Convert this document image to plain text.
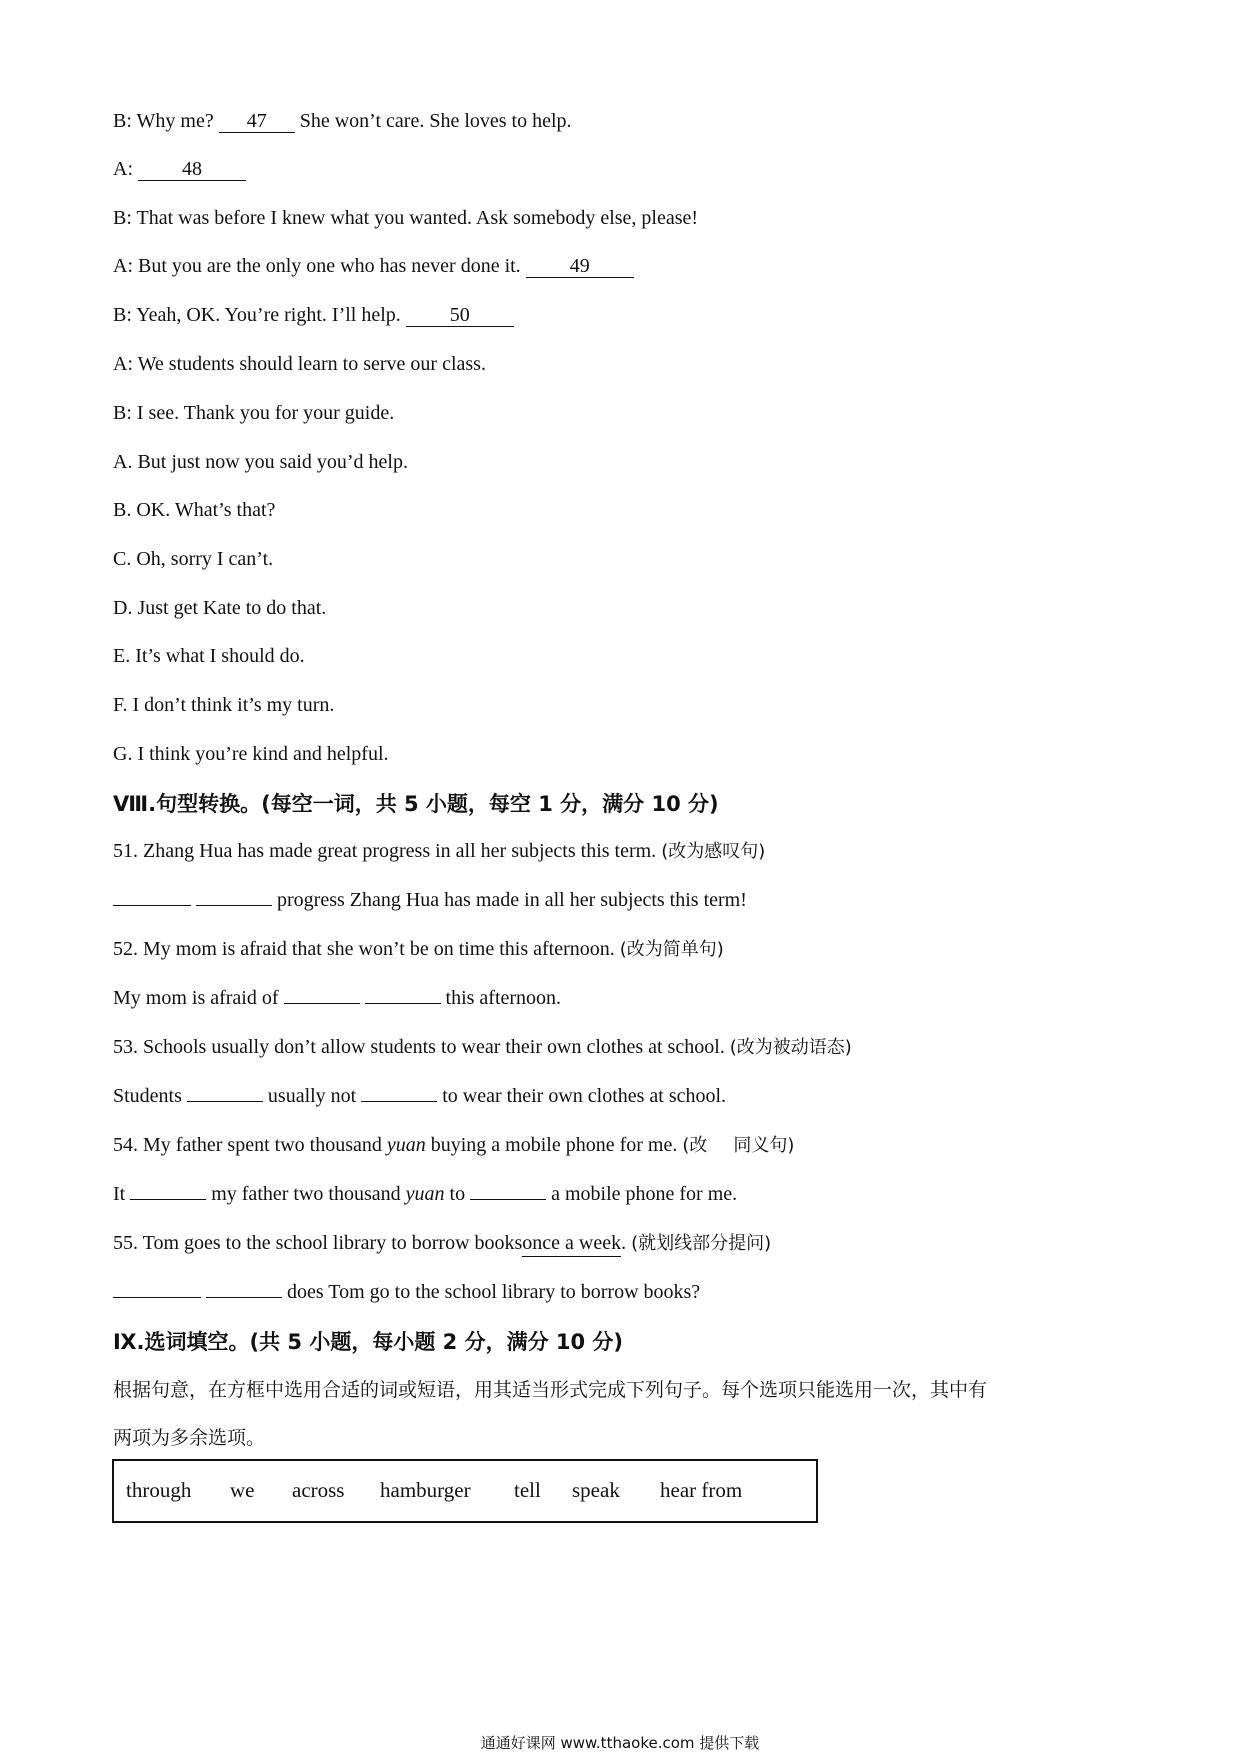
B: Why me? 47 She won’t care. She loves to help.
A: 48
B: That was before I knew what you wanted. Ask somebody else, please!
A: But you are the only one who has never done it. 49
B: Yeah, OK. You’re right. I’ll help. 50
A: We students should learn to serve our class.
B: I see. Thank you for your guide.
A. But just now you said you’d help.
B. OK. What’s that?
C. Oh, sorry I can’t.
D. Just get Kate to do that.
E. It’s what I should do.
F. I don’t think it’s my turn.
G. I think you’re kind and helpful.
Ⅷ.句型转换。(每空一词，共 5 小题，每空 1 分，满分 10 分)
51. Zhang Hua has made great progress in all her subjects this term. (改为感叹句)
progress Zhang Hua has made in all her subjects this term!
52. My mom is afraid that she won’t be on time this afternoon. (改为简单句)
My mom is afraid of	this afternoon.
53. Schools usually don’t allow students to wear their own clothes at school. (改为被动语态)
Students	usually not	to wear their own clothes at school.
54. My father spent two thousand yuan buying a mobile phone for me. (改 同义句)
It	my father two thousand yuan to	a mobile phone for me.
55. Tom goes to the school library to borrow booksonce a week. (就划线部分提问)
does Tom go to the school library to borrow books?
Ⅸ.选词填空。(共 5 小题，每小题 2 分，满分 10 分)
根据句意，在方框中选用合适的词或短语，用其适当形式完成下列句子。每个选项只能选用一次，其中有
两项为多余选项。
through we across hamburger tell speak hear from
通通好课网 www.tthaoke.com 提供下载
